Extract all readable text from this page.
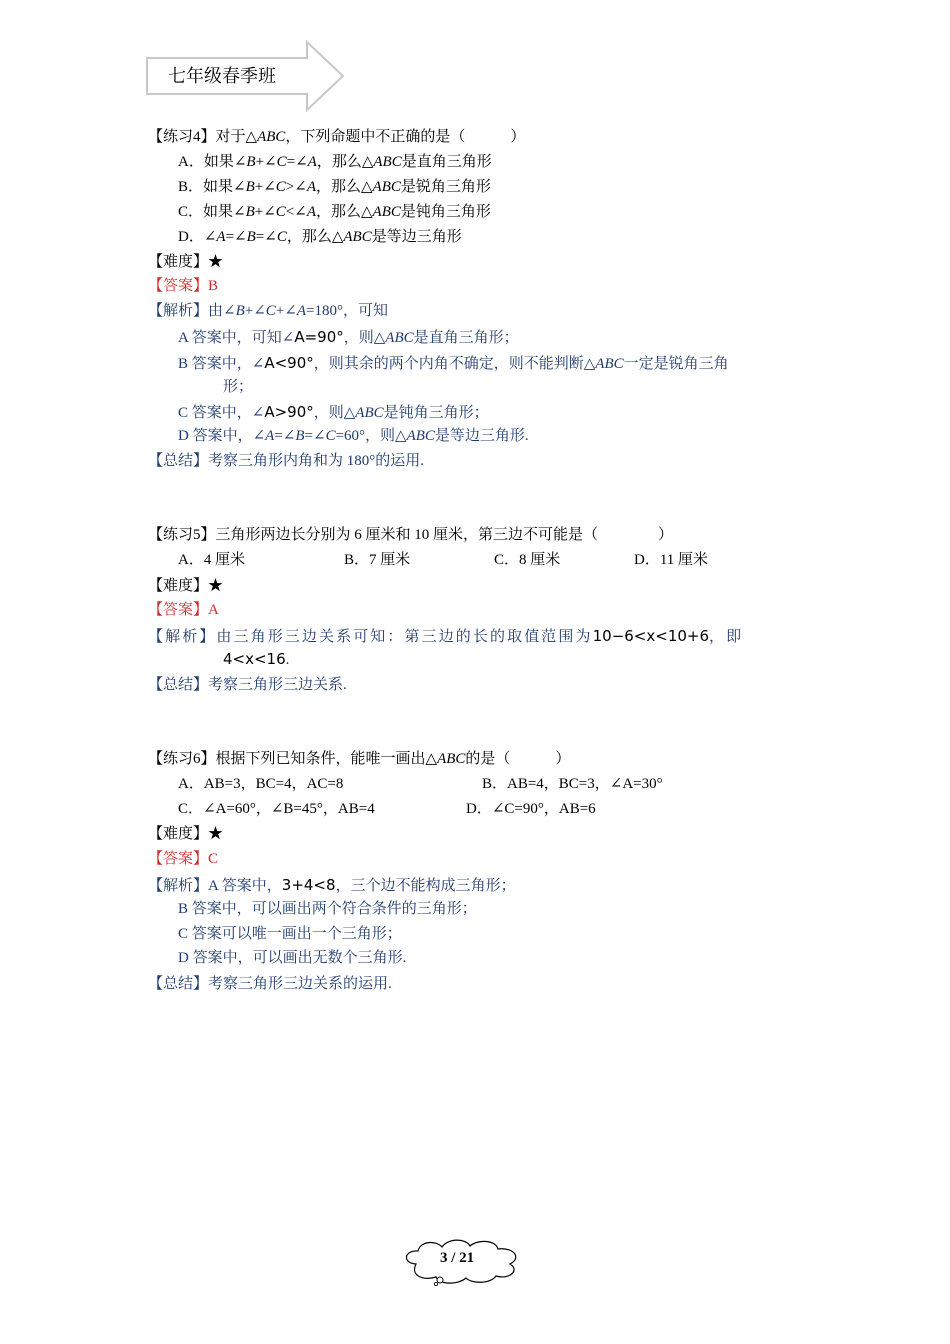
七年级春季班
【练习4】对于△ABC，下列命题中不正确的是（　　　）
A．如果∠B+∠C=∠A，那么△ABC是直角三角形
B．如果∠B+∠C>∠A，那么△ABC是锐角三角形
C．如果∠B+∠C<∠A，那么△ABC是钝角三角形
D．∠A=∠B=∠C，那么△ABC是等边三角形
【难度】★
【答案】B
【解析】由∠B+∠C+∠A=180°，可知
A 答案中，可知∠A=90°，则△ABC是直角三角形；
B 答案中，∠A<90°，则其余的两个内角不确定，则不能判断△ABC一定是锐角三角
形；
C 答案中，∠A>90°，则△ABC是钝角三角形；
D 答案中，∠A=∠B=∠C=60°，则△ABC是等边三角形.
【总结】考察三角形内角和为 180°的运用.
【练习5】三角形两边长分别为 6 厘米和 10 厘米，第三边不可能是（　　　　）
A．4 厘米	B．7 厘米	C．8 厘米	D．11 厘米
【难度】★
【答案】A
【解析】由三角形三边关系可知：第三边的长的取值范围为10−6<x<10+6，即
4<x<16.
【总结】考察三角形三边关系.
【练习6】根据下列已知条件，能唯一画出△ABC的是（　　　）
A．AB=3，BC=4，AC=8	B．AB=4，BC=3，∠A=30°
C．∠A=60°，∠B=45°，AB=4	D．∠C=90°，AB=6
【难度】★
【答案】C
【解析】A 答案中，3+4<8，三个边不能构成三角形；
B 答案中，可以画出两个符合条件的三角形；
C 答案可以唯一画出一个三角形；
D 答案中，可以画出无数个三角形.
【总结】考察三角形三边关系的运用.
3 / 21
